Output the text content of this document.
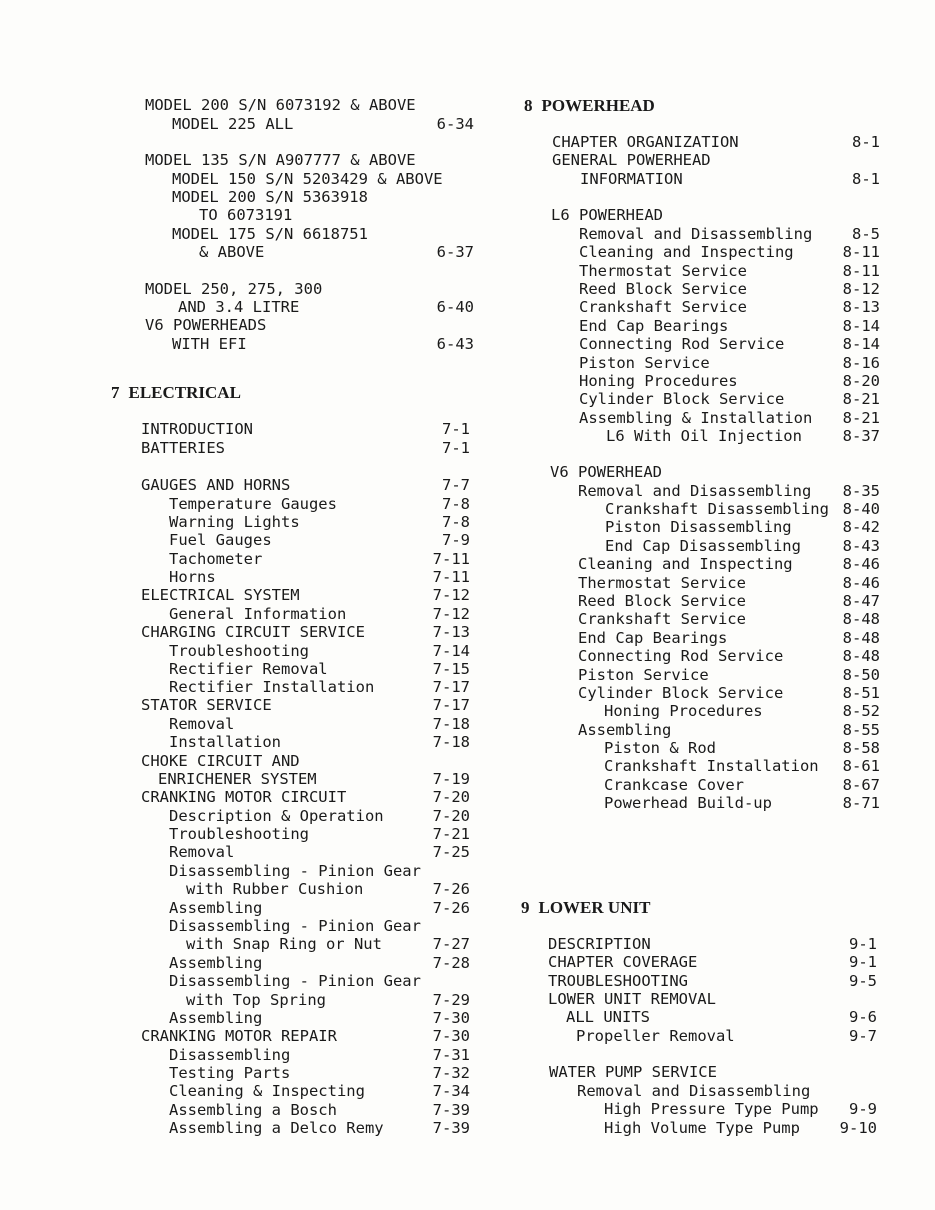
MODEL 200 S/N 6073192 & ABOVE
MODEL 225 ALL	6-34
MODEL 135 S/N A907777 & ABOVE
MODEL 150 S/N 5203429 & ABOVE
MODEL 200 S/N 5363918
TO 6073191
MODEL 175 S/N 6618751
& ABOVE	6-37
MODEL 250, 275, 300
AND 3.4 LITRE	6-40
V6 POWERHEADS
WITH EFI	6-43
7 ELECTRICAL
INTRODUCTION	7-1
BATTERIES	7-1
GAUGES AND HORNS	7-7
Temperature Gauges	7-8
Warning Lights	7-8
Fuel Gauges	7-9
Tachometer	7-11
Horns	7-11
ELECTRICAL SYSTEM	7-12
General Information	7-12
CHARGING CIRCUIT SERVICE	7-13
Troubleshooting	7-14
Rectifier Removal	7-15
Rectifier Installation	7-17
STATOR SERVICE	7-17
Removal	7-18
Installation	7-18
CHOKE CIRCUIT AND
ENRICHENER SYSTEM	7-19
CRANKING MOTOR CIRCUIT	7-20
Description & Operation	7-20
Troubleshooting	7-21
Removal	7-25
Disassembling - Pinion Gear
with Rubber Cushion	7-26
Assembling	7-26
Disassembling - Pinion Gear
with Snap Ring or Nut	7-27
Assembling	7-28
Disassembling - Pinion Gear
with Top Spring	7-29
Assembling	7-30
CRANKING MOTOR REPAIR	7-30
Disassembling	7-31
Testing Parts	7-32
Cleaning & Inspecting	7-34
Assembling a Bosch	7-39
Assembling a Delco Remy	7-39
8 POWERHEAD
CHAPTER ORGANIZATION	8-1
GENERAL POWERHEAD
INFORMATION	8-1
L6 POWERHEAD
Removal and Disassembling	8-5
Cleaning and Inspecting	8-11
Thermostat Service	8-11
Reed Block Service	8-12
Crankshaft Service	8-13
End Cap Bearings	8-14
Connecting Rod Service	8-14
Piston Service	8-16
Honing Procedures	8-20
Cylinder Block Service	8-21
Assembling & Installation 8-21
L6 With Oil Injection	8-37
V6 POWERHEAD
Removal and Disassembling 8-35
Crankshaft Disassembling 8-40
Piston Disassembling	8-42
End Cap Disassembling	8-43
Cleaning and Inspecting	8-46
Thermostat Service	8-46
Reed Block Service	8-47
Crankshaft Service	8-48
End Cap Bearings	8-48
Connecting Rod Service	8-48
Piston Service	8-50
Cylinder Block Service	8-51
Honing Procedures	8-52
Assembling	8-55
Piston & Rod	8-58
Crankshaft Installation 8-61
Crankcase Cover	8-67
Powerhead Build-up	8-71
9 LOWER UNIT
DESCRIPTION	9-1
CHAPTER COVERAGE	9-1
TROUBLESHOOTING	9-5
LOWER UNIT REMOVAL
ALL UNITS	9-6
Propeller Removal	9-7
WATER PUMP SERVICE
Removal and Disassembling
High Pressure Type Pump 9-9
High Volume Type Pump	9-10
